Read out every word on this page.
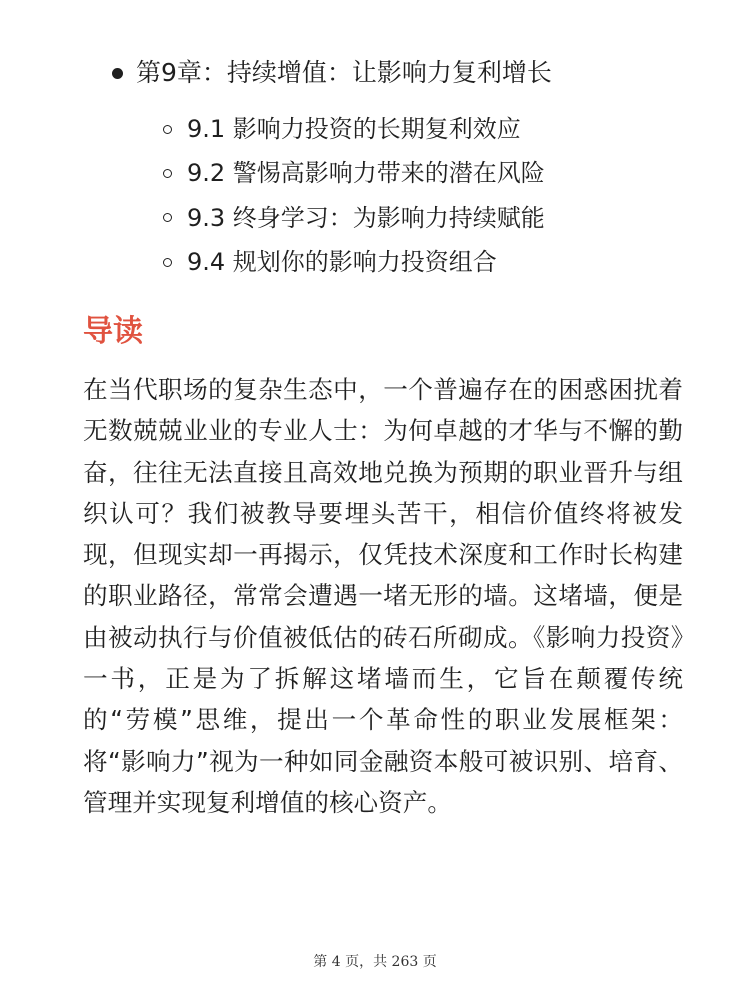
第9章：持续增值：让影响力复利增长
9.1 影响力投资的长期复利效应
9.2 警惕高影响力带来的潜在风险
9.3 终身学习：为影响力持续赋能
9.4 规划你的影响力投资组合
导读

在当代职场的复杂生态中，一个普遍存在的困惑困扰着无数兢兢业业的专业人士：为何卓越的才华与不懈的勤奋，往往无法直接且高效地兑换为预期的职业晋升与组织认可？我们被教导要埋头苦干，相信价值终将被发现，但现实却一再揭示，仅凭技术深度和工作时长构建的职业路径，常常会遭遇一堵无形的墙。这堵墙，便是由被动执行与价值被低估的砖石所砌成。《影响力投资》一书，正是为了拆解这堵墙而生，它旨在颠覆传统的“劳模”思维，提出一个革命性的职业发展框架：将“影响力”视为一种如同金融资本般可被识别、培育、管理并实现复利增值的核心资产。

第 4 页，共 263 页
